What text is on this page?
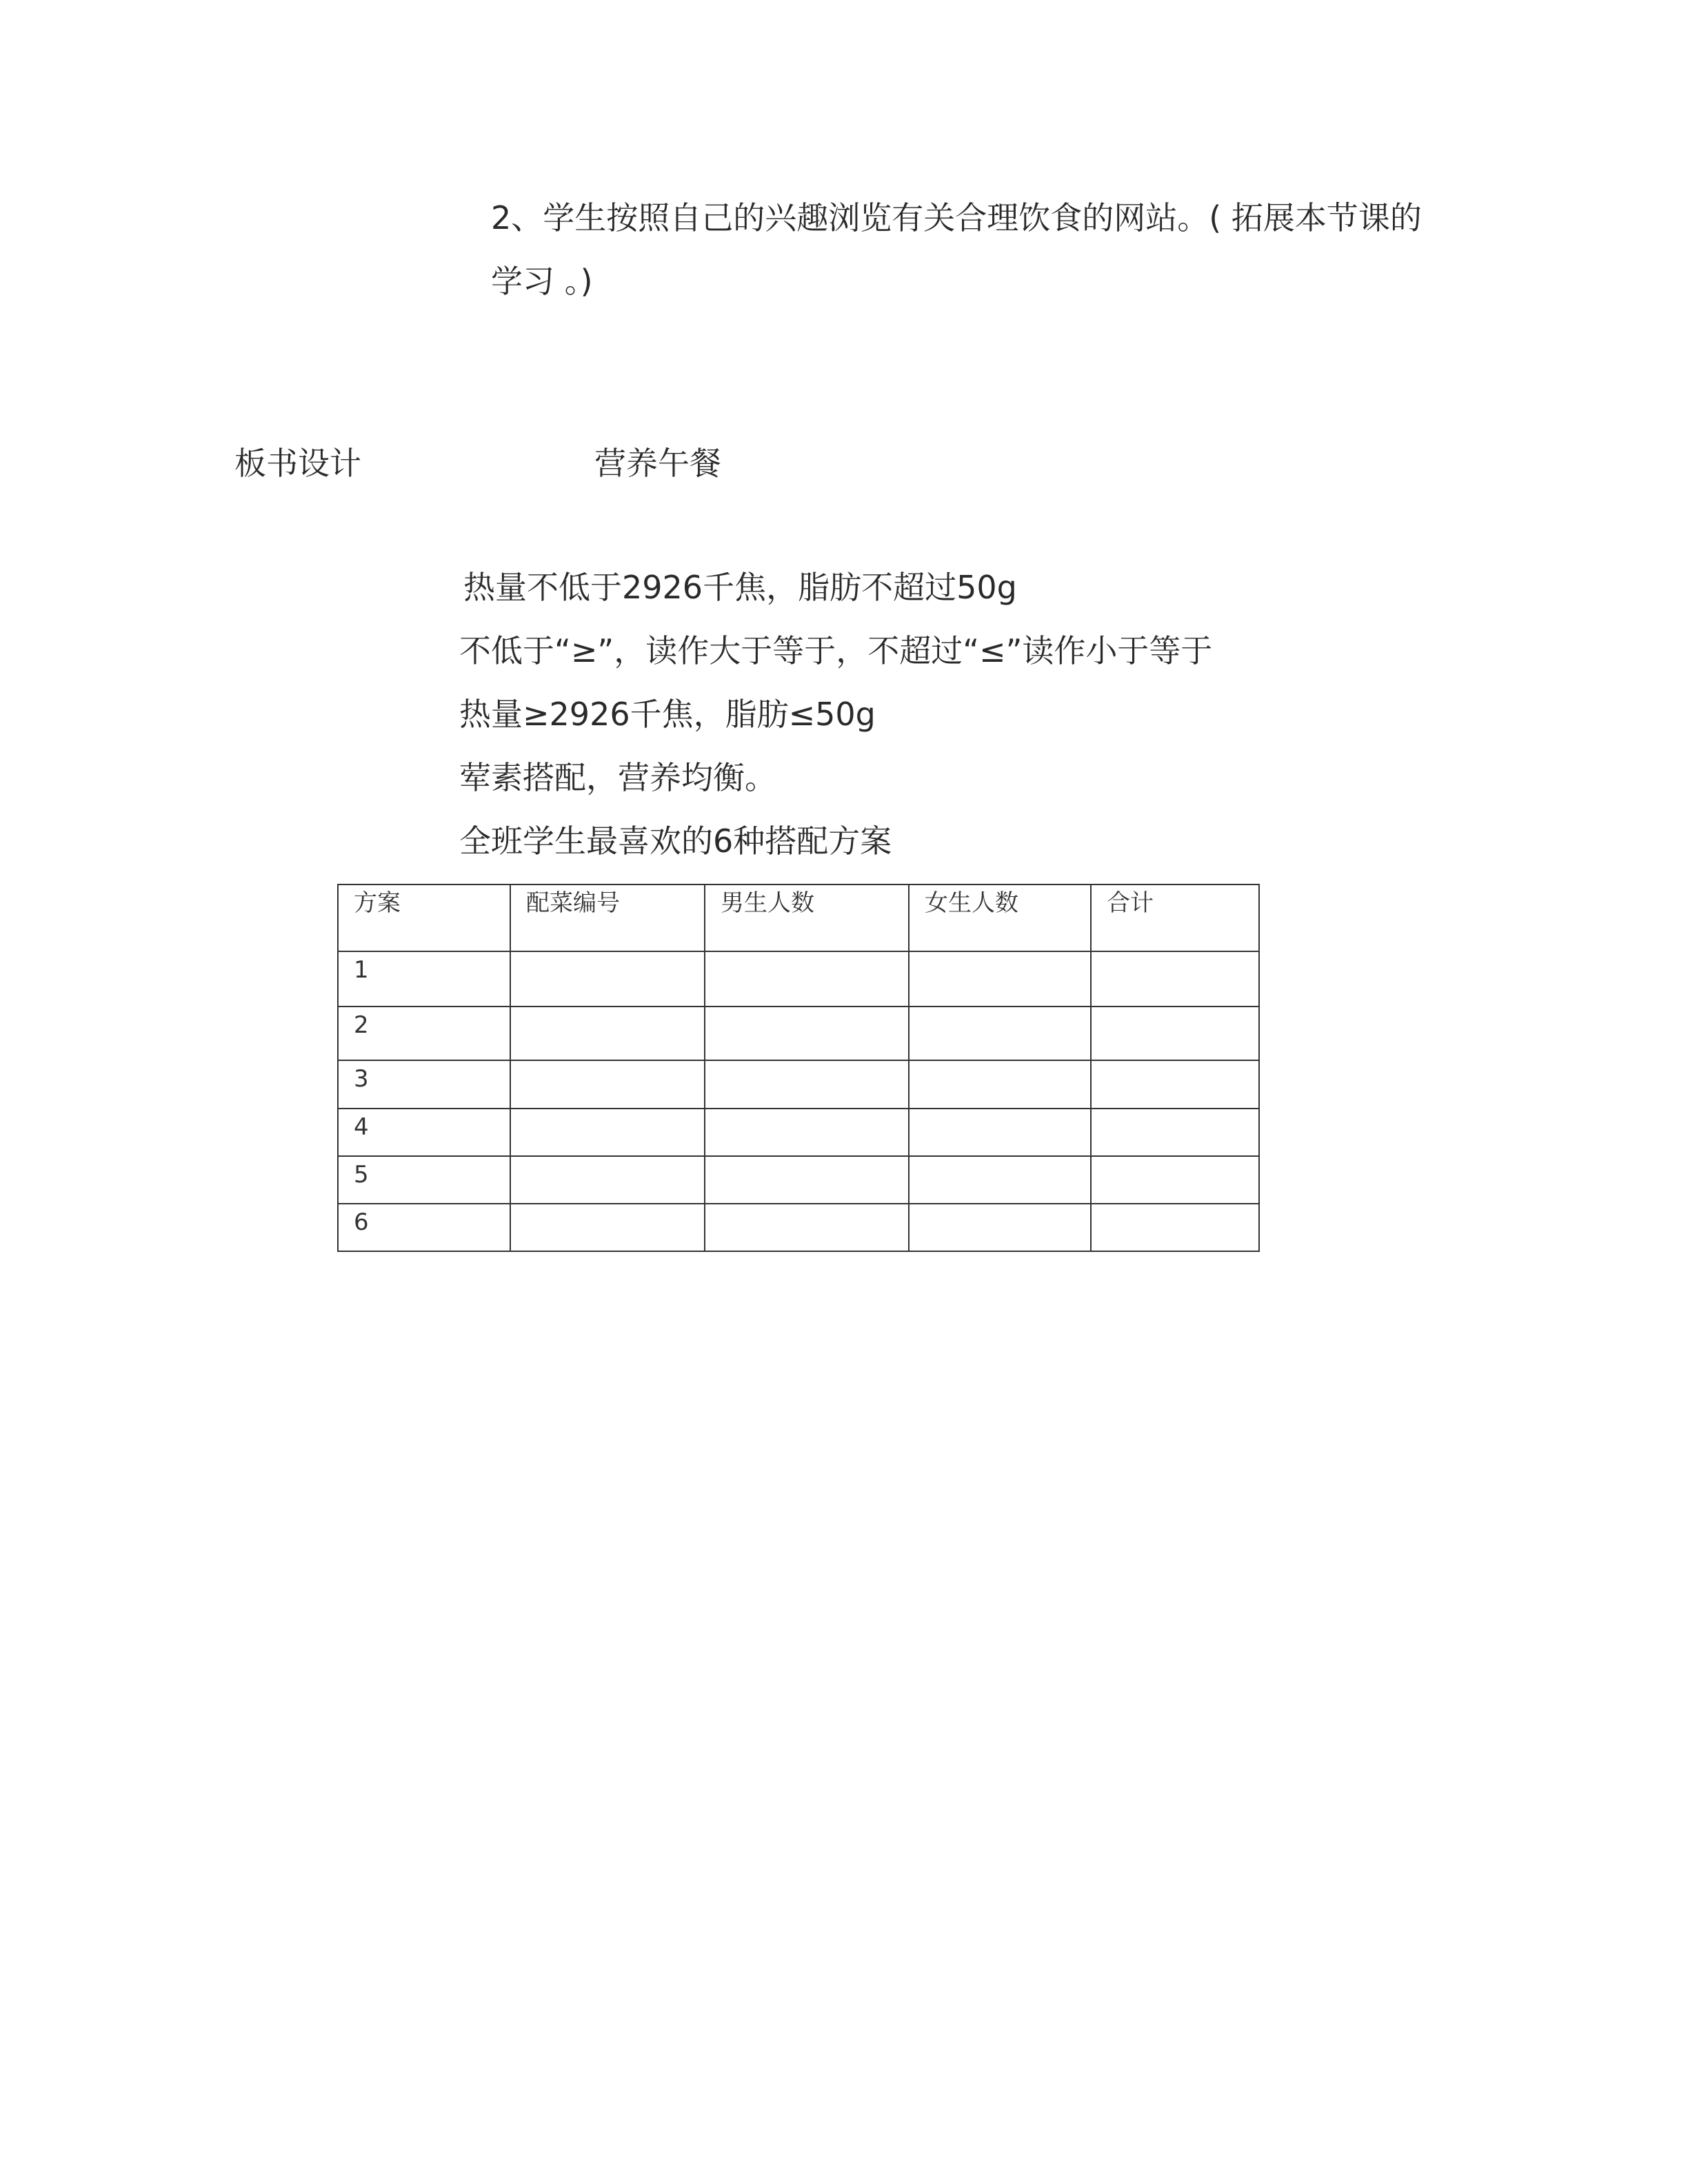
2、学生按照自己的兴趣浏览有关合理饮食的网站。( 拓展本节课的
学习 。)
板书设计	营养午餐
热量不低于2926千焦，脂肪不超过50g
不低于“≥”，读作大于等于，不超过“≤”读作小于等于
热量≥2926千焦，脂肪≤50g
荤素搭配，营养均衡。
全班学生最喜欢的6种搭配方案
方案	配菜编号	男生人数	女生人数	合计
1				
2				
3				
4				
5				
6				
